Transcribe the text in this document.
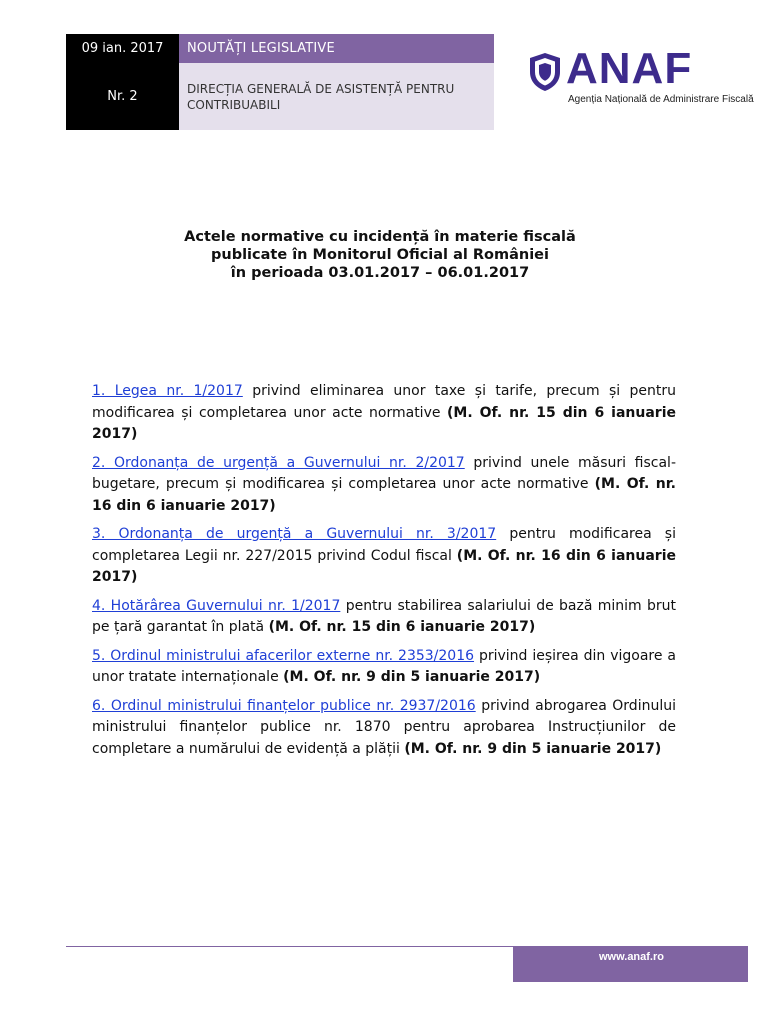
09 ian. 2017
Nr. 2
NOUTĂȚI LEGISLATIVE
DIRECȚIA GENERALĂ DE ASISTENȚĂ PENTRU CONTRIBUABILI
ANAF
Agenția Națională de Administrare Fiscală
Actele normative cu incidență în materie fiscală
publicate în Monitorul Oficial al României
în perioada 03.01.2017 – 06.01.2017
1. Legea nr. 1/2017 privind eliminarea unor taxe și tarife, precum și pentru modificarea și completarea unor acte normative (M. Of. nr. 15 din 6 ianuarie 2017)
2. Ordonanța de urgență a Guvernului nr. 2/2017 privind unele măsuri fiscal-bugetare, precum și modificarea și completarea unor acte normative (M. Of. nr. 16 din 6 ianuarie 2017)
3. Ordonanța de urgență a Guvernului nr. 3/2017 pentru modificarea și completarea Legii nr. 227/2015 privind Codul fiscal (M. Of. nr. 16 din 6 ianuarie 2017)
4. Hotărârea Guvernului nr. 1/2017 pentru stabilirea salariului de bază minim brut pe țară garantat în plată (M. Of. nr. 15 din 6 ianuarie 2017)
5. Ordinul ministrului afacerilor externe nr. 2353/2016 privind ieșirea din vigoare a unor tratate internaționale (M. Of. nr. 9 din 5 ianuarie 2017)
6. Ordinul ministrului finanțelor publice nr. 2937/2016 privind abrogarea Ordinului ministrului finanțelor publice nr. 1870 pentru aprobarea Instrucțiunilor de completare a numărului de evidență a plății (M. Of. nr. 9 din 5 ianuarie 2017)
www.anaf.ro
